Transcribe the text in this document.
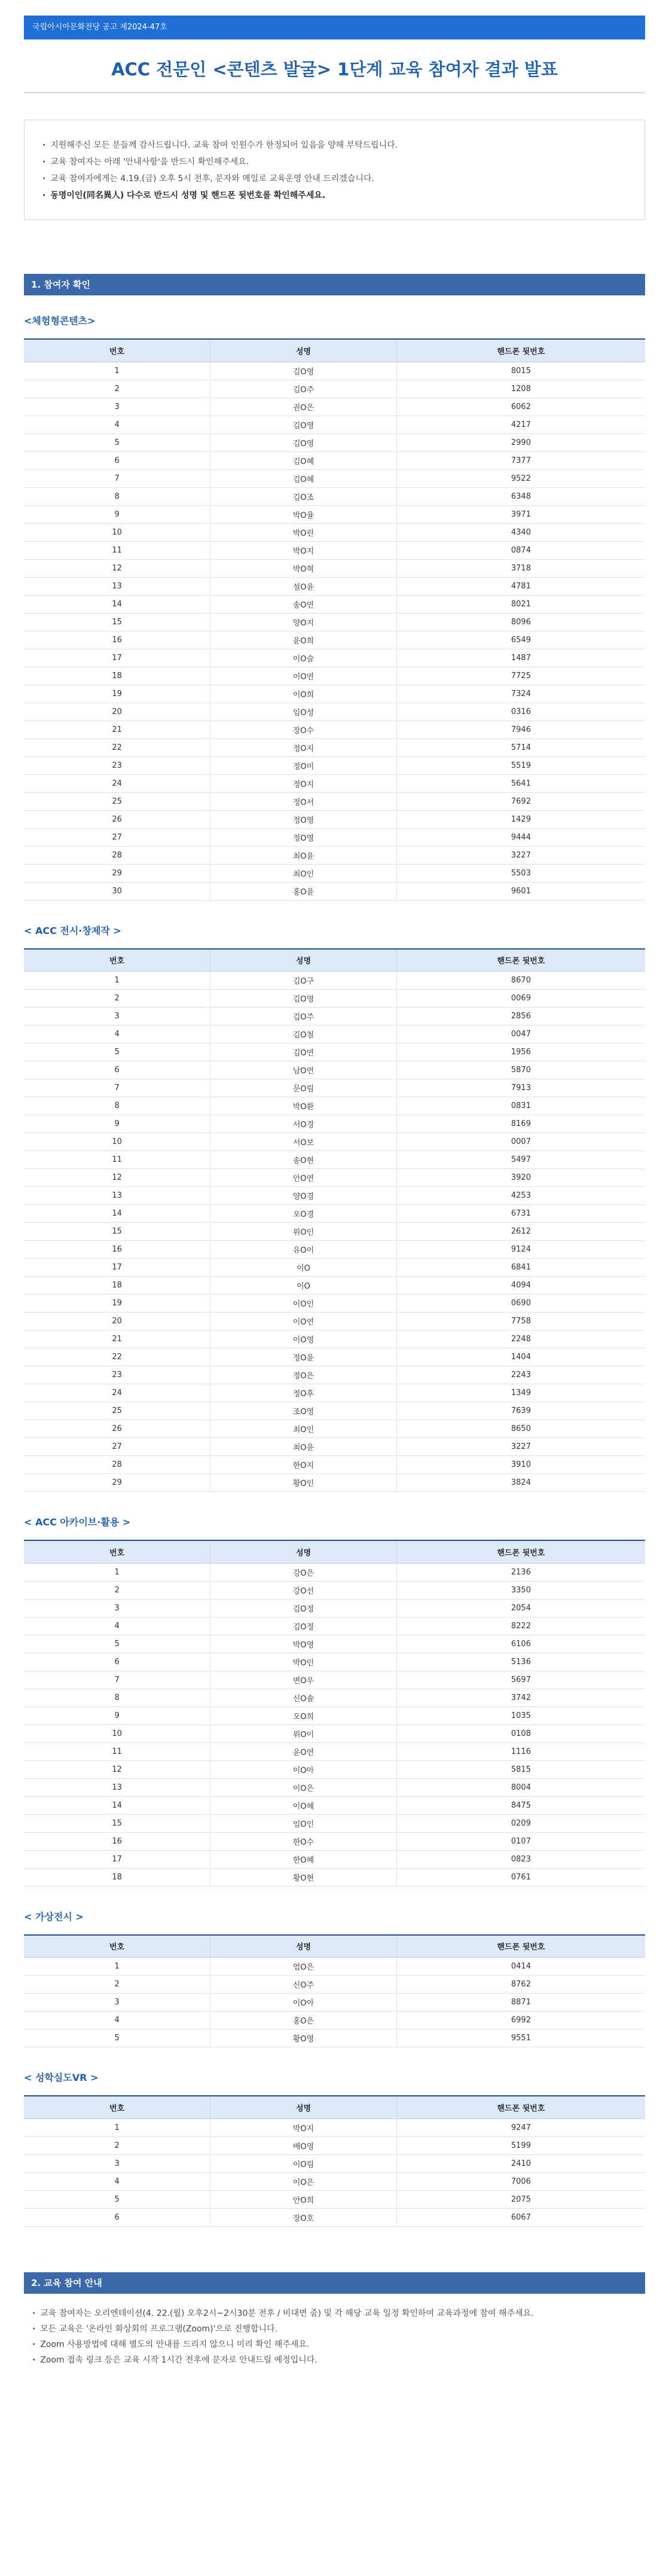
국립아시아문화전당 공고 제2024-47호
ACC 전문인 <콘텐츠 발굴> 1단계 교육 참여자 결과 발표
· 지원해주신 모든 분들께 감사드립니다. 교육 참여 인원수가 한정되어 있음을 양해 부탁드립니다.
· 교육 참여자는 아래 '안내사항'을 반드시 확인해주세요.
· 교육 참여자에게는 4.19.(금) 오후 5시 전후, 문자와 메일로 교육운영 안내 드리겠습니다.
· 동명이인(同名異人) 다수로 반드시 성명 및 핸드폰 뒷번호를 확인해주세요.
1. 참여자 확인
<체험형콘텐츠>
번호	성명	핸드폰 뒷번호
1	김O영	8015
2	김O주	1208
3	권O은	6062
4	김O영	4217
5	김O영	2990
6	김O혜	7377
7	김O혜	9522
8	김O조	6348
9	박O율	3971
10	박O린	4340
11	박O지	0874
12	박O혁	3718
13	설O윤	4781
14	송O연	8021
15	양O지	8096
16	윤O희	6549
17	이O슬	1487
18	이O연	7725
19	이O희	7324
20	임O성	0316
21	장O수	7946
22	정O지	5714
23	정O미	5519
24	정O지	5641
25	정O서	7692
26	정O영	1429
27	정O영	9444
28	최O윤	3227
29	최O인	5503
30	홍O윤	9601
< ACC 전시·창제작 >
번호	성명	핸드폰 뒷번호
1	김O구	8670
2	김O영	0069
3	김O주	2856
4	김O철	0047
5	김O연	1956
6	남O연	5870
7	문O림	7913
8	박O환	0831
9	서O경	8169
10	서O보	0007
11	송O현	5497
12	안O연	3920
13	양O경	4253
14	오O경	6731
15	위O인	2612
16	유O이	9124
17	이O	6841
18	이O	4094
19	이O인	0690
20	이O연	7758
21	이O영	2248
22	정O윤	1404
23	정O은	2243
24	정O후	1349
25	조O영	7639
26	최O인	8650
27	최O윤	3227
28	한O지	3910
29	황O인	3824
< ACC 아카이브·활용 >
번호	성명	핸드폰 뒷번호
1	강O은	2136
2	강O선	3350
3	김O정	2054
4	김O정	8222
5	박O영	6106
6	박O인	5136
7	변O우	5697
8	신O솔	3742
9	오O희	1035
10	위O이	0108
11	윤O연	1116
12	이O아	5815
13	이O은	8004
14	이O혜	8475
15	임O인	0209
16	한O수	0107
17	한O혜	0823
18	황O현	0761
< 가상전시 >
번호	성명	핸드폰 뒷번호
1	엄O은	0414
2	신O주	8762
3	이O아	8871
4	홍O은	6992
5	황O영	9551
< 성학실도VR >
번호	성명	핸드폰 뒷번호
1	박O지	9247
2	배O영	5199
3	이O림	2410
4	이O은	7006
5	안O희	2075
6	장O호	6067
2. 교육 참여 안내
· 교육 참여자는 오리엔테이션(4. 22.(월) 오후2시~2시30분 전후 / 비대면 줌) 및 각 해당 교육 일정 확인하여 교육과정에 참여 해주세요.
· 모든 교육은 '온라인 화상회의 프로그램(Zoom)'으로 진행합니다.
· Zoom 사용방법에 대해 별도의 안내를 드리지 않으니 미리 확인 해주세요.
· Zoom 접속 링크 등은 교육 시작 1시간 전후에 문자로 안내드릴 예정입니다.
